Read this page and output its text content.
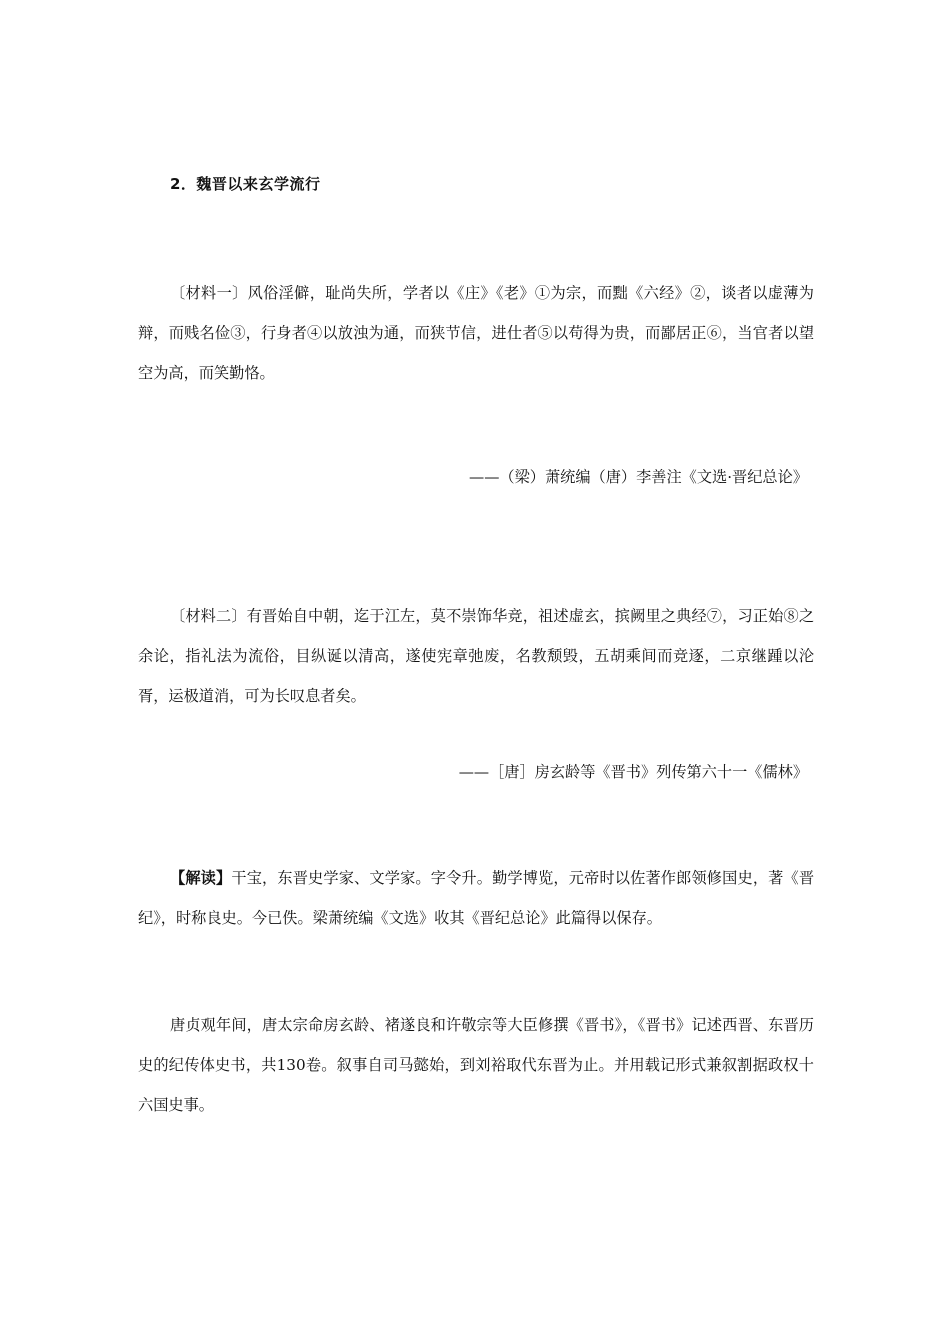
2．魏晋以来玄学流行

〔材料一〕风俗淫僻，耻尚失所，学者以《庄》《老》①为宗，而黜《六经》②，谈者以虚薄为辩，而贱名俭③，行身者④以放浊为通，而狭节信，进仕者⑤以苟得为贵，而鄙居正⑥，当官者以望空为高，而笑勤恪。

——（梁）萧统编（唐）李善注《文选·晋纪总论》

〔材料二〕有晋始自中朝，迄于江左，莫不崇饰华竞，祖述虚玄，摈阙里之典经⑦，习正始⑧之余论，指礼法为流俗，目纵诞以清高，遂使宪章弛废，名教颓毁，五胡乘间而竞逐，二京继踵以沦胥，运极道消，可为长叹息者矣。

——［唐］房玄龄等《晋书》列传第六十一《儒林》

【解读】干宝，东晋史学家、文学家。字令升。勤学博览，元帝时以佐著作郎领修国史，著《晋纪》，时称良史。今已佚。梁萧统编《文选》收其《晋纪总论》此篇得以保存。

唐贞观年间，唐太宗命房玄龄、褚遂良和许敬宗等大臣修撰《晋书》，《晋书》记述西晋、东晋历史的纪传体史书，共130卷。叙事自司马懿始，到刘裕取代东晋为止。并用载记形式兼叙割据政权十六国史事。
